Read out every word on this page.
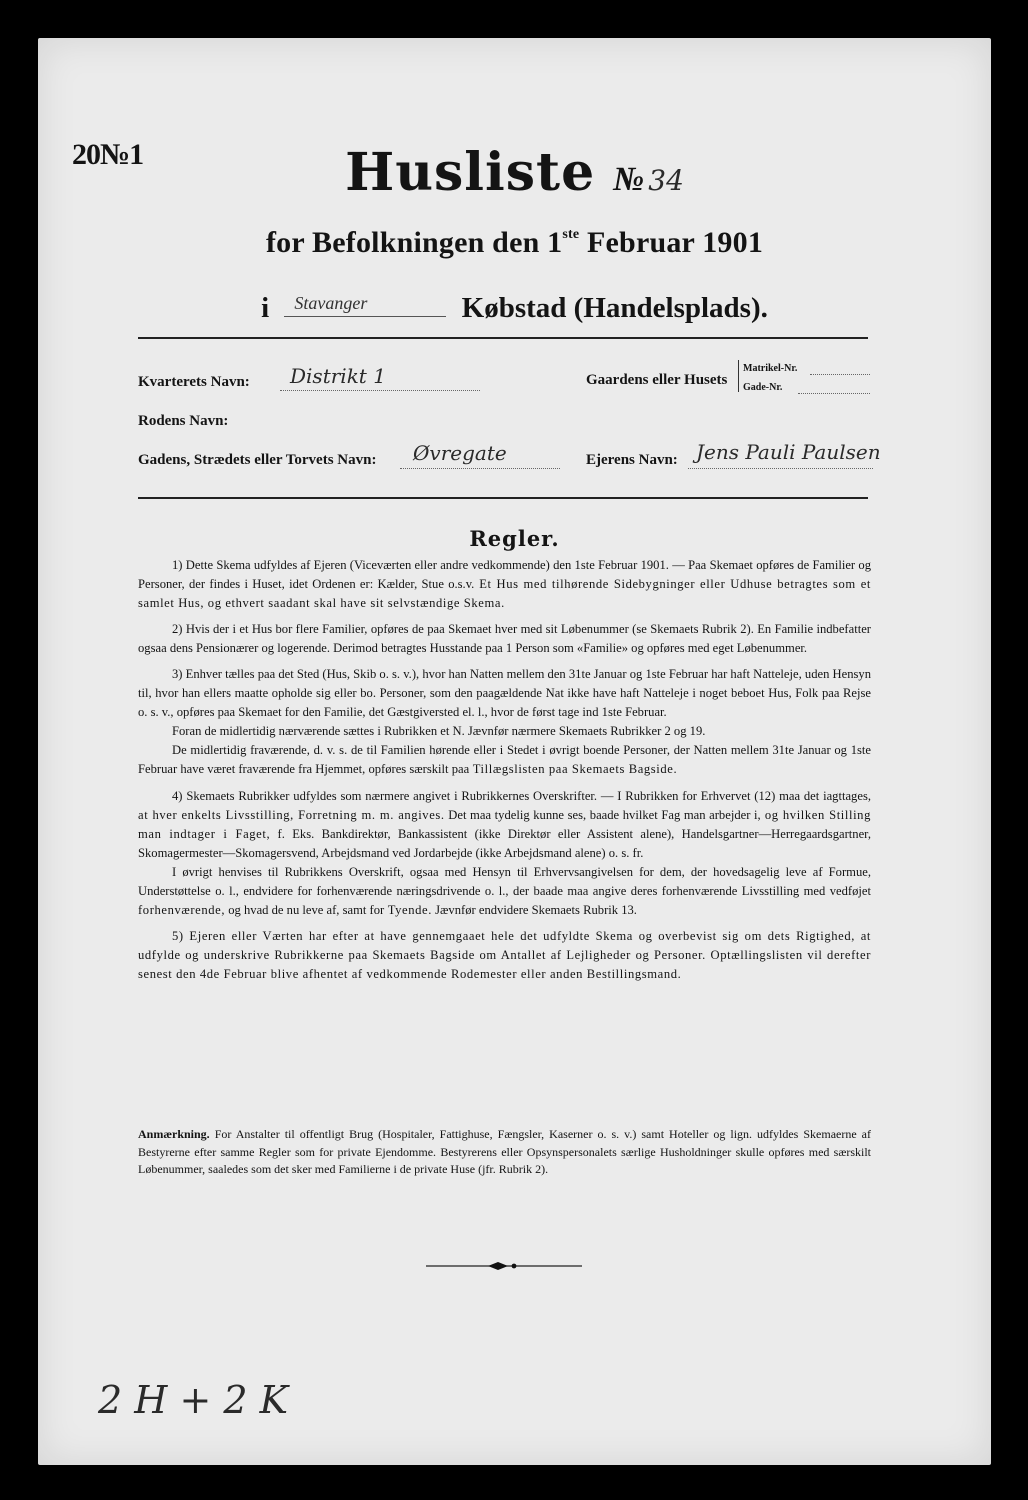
20№1	Husliste № 34
for Befolkningen den 1ste Februar 1901
i Stavanger	Købstad (Handelsplads).
Kvarterets Navn: Distrikt 1	Gaardens eller Husets
Matrikel-Nr.
Gade-Nr.
Rodens Navn:
Gadens, Strædets eller Torvets Navn: Øvregate	Ejerens Navn: Jens Pauli Paulsen
Regler.

1) Dette Skema udfyldes af Ejeren (Viceværten eller andre vedkommende) den 1ste Februar 1901. — Paa Skemaet opføres de Familier og Personer, der findes i Huset, idet Ordenen er: Kælder, Stue o.s.v. Et Hus med tilhørende Sidebygninger eller Udhuse betragtes som et samlet Hus, og ethvert saadant skal have sit selvstændige Skema.

2) Hvis der i et Hus bor flere Familier, opføres de paa Skemaet hver med sit Løbenummer (se Skemaets Rubrik 2). En Familie indbefatter ogsaa dens Pensionærer og logerende. Derimod betragtes Husstande paa 1 Person som «Familie» og opføres med eget Løbenummer.

3) Enhver tælles paa det Sted (Hus, Skib o. s. v.), hvor han Natten mellem den 31te Januar og 1ste Februar har haft Natteleje, uden Hensyn til, hvor han ellers maatte opholde sig eller bo. Personer, som den paagældende Nat ikke have haft Natteleje i noget beboet Hus, Folk paa Rejse o. s. v., opføres paa Skemaet for den Familie, det Gæstgiversted el. l., hvor de først tage ind 1ste Februar.

Foran de midlertidig nærværende sættes i Rubrikken et N. Jævnfør nærmere Skemaets Rubrikker 2 og 19.

De midlertidig fraværende, d. v. s. de til Familien hørende eller i Stedet i øvrigt boende Personer, der Natten mellem 31te Januar og 1ste Februar have været fraværende fra Hjemmet, opføres særskilt paa Tillægslisten paa Skemaets Bagside.

4) Skemaets Rubrikker udfyldes som nærmere angivet i Rubrikkernes Overskrifter. — I Rubrikken for Erhvervet (12) maa det iagttages, at hver enkelts Livsstilling, Forretning m. m. angives. Det maa tydelig kunne ses, baade hvilket Fag man arbejder i, og hvilken Stilling man indtager i Faget, f. Eks. Bankdirektør, Bankassistent (ikke Direktør eller Assistent alene), Handelsgartner—Herregaardsgartner, Skomagermester—Skomagersvend, Arbejdsmand ved Jordarbejde (ikke Arbejdsmand alene) o. s. fr.

I øvrigt henvises til Rubrikkens Overskrift, ogsaa med Hensyn til Erhvervsangivelsen for dem, der hovedsagelig leve af Formue, Understøttelse o. l., endvidere for forhenværende næringsdrivende o. l., der baade maa angive deres forhenværende Livsstilling med vedføjet forhenværende, og hvad de nu leve af, samt for Tyende. Jævnfør endvidere Skemaets Rubrik 13.

5) Ejeren eller Værten har efter at have gennemgaaet hele det udfyldte Skema og overbevist sig om dets Rigtighed, at udfylde og underskrive Rubrikkerne paa Skemaets Bagside om Antallet af Lejligheder og Personer. Optællingslisten vil derefter senest den 4de Februar blive afhentet af vedkommende Rodemester eller anden Bestillingsmand.

Anmærkning. For Anstalter til offentligt Brug (Hospitaler, Fattighuse, Fængsler, Kaserner o. s. v.) samt Hoteller og lign. udfyldes Skemaerne af Bestyrerne efter samme Regler som for private Ejendomme. Bestyrerens eller Opsynspersonalets særlige Husholdninger skulle opføres med særskilt Løbenummer, saaledes som det sker med Familierne i de private Huse (jfr. Rubrik 2).

2 H + 2 K
